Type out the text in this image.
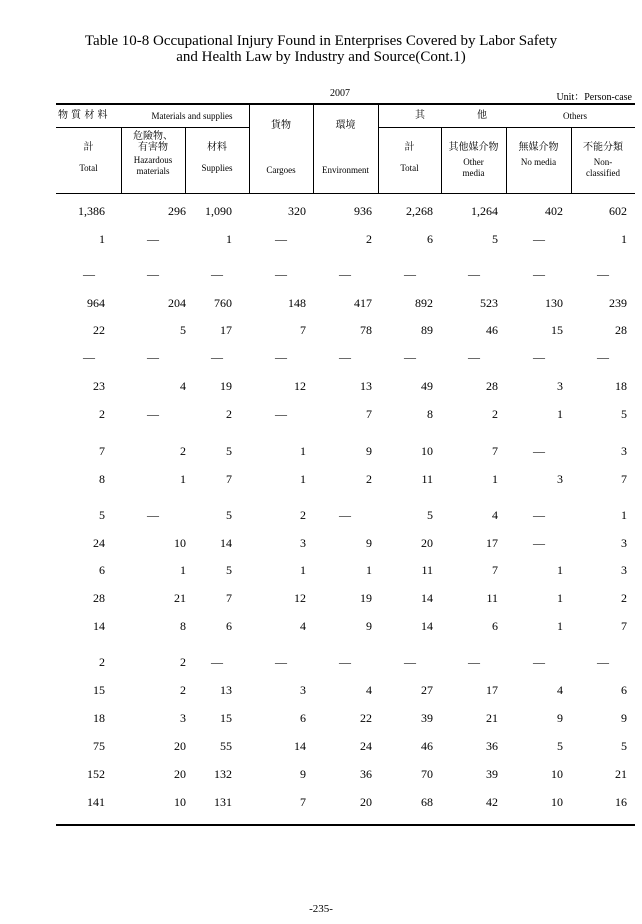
Table 10-8 Occupational Injury Found in Enterprises Covered by Labor Safety
and Health Law by Industry and Source(Cont.1)
2007	Unit：Person-case
物 質 材 料	Materials and supplies
貨物	環境
其	他	Others
計
Total
危險物、有害物
Hazardous materials
材料
Supplies	Cargoes	Environment
計
Total
其他媒介物
Other media
無媒介物
No media
不能分類
Non-classified
1,386	296	1,090	320	936	2,268	1,264	402	602
1	—	1	—	2	6	5	—	1
—	—	—	—	—	—	—	—	—
964	204	760	148	417	892	523	130	239
22	5	17	7	78	89	46	15	28
—	—	—	—	—	—	—	—	—
23	4	19	12	13	49	28	3	18
2	—	2	—	7	8	2	1	5
7	2	5	1	9	10	7	—	3
8	1	7	1	2	11	1	3	7
5	—	5	2	—	5	4	—	1
24	10	14	3	9	20	17	—	3
6	1	5	1	1	11	7	1	3
28	21	7	12	19	14	11	1	2
14	8	6	4	9	14	6	1	7
2	2	—	—	—	—	—	—	—
15	2	13	3	4	27	17	4	6
18	3	15	6	22	39	21	9	9
75	20	55	14	24	46	36	5	5
152	20	132	9	36	70	39	10	21
141	10	131	7	20	68	42	10	16
-235-
